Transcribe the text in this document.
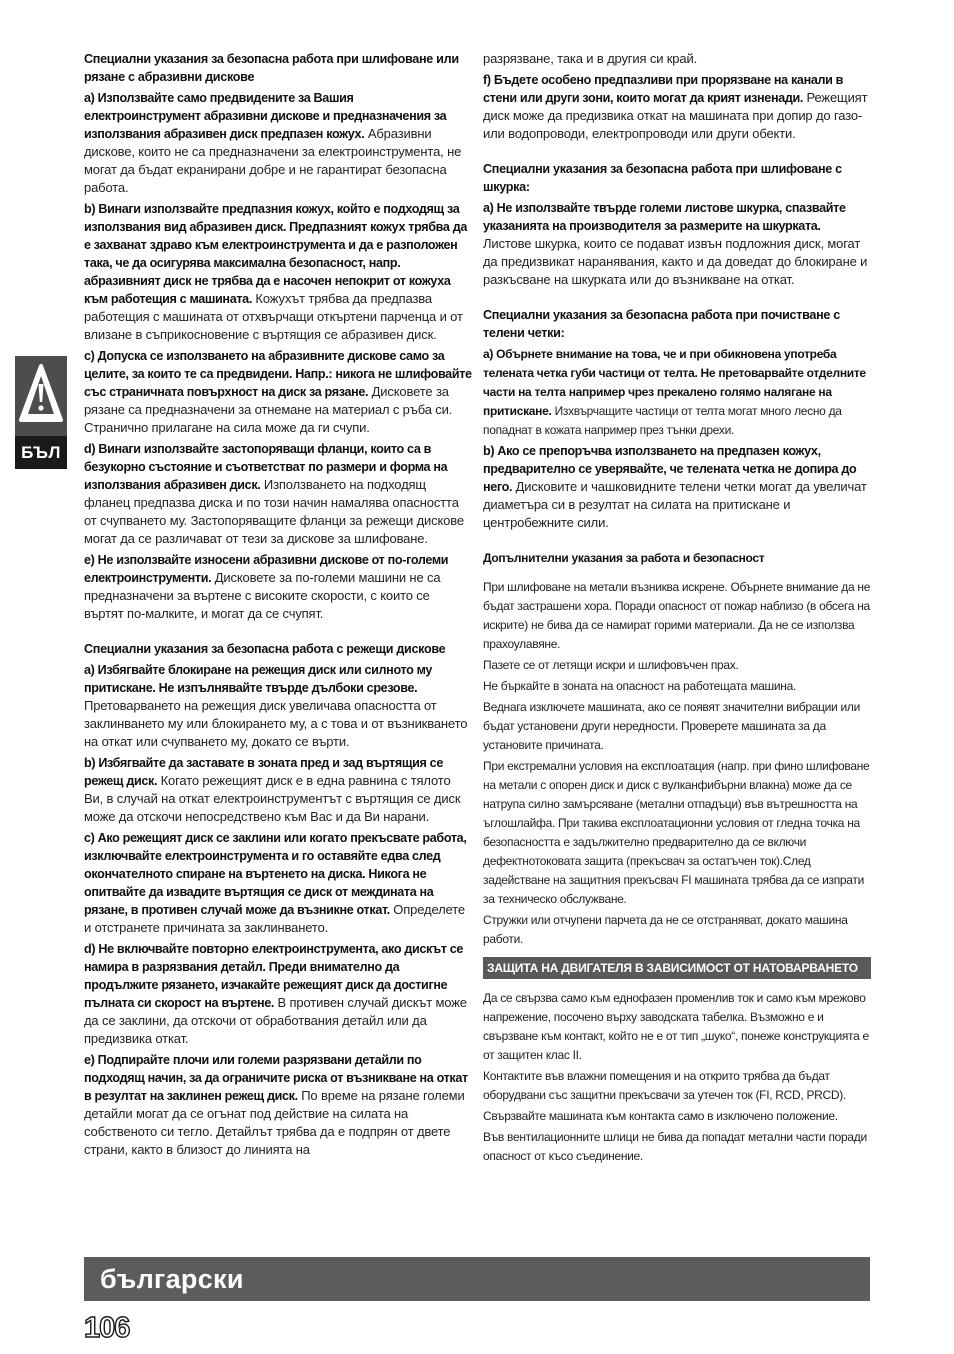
БЪЛ
Специални указания за безопасна работа при шлифоване или рязане с абразивни дискове
a) Използвайте само предвидените за Вашия електроинструмент абразивни дискове и предназначения за използвания абразивен диск предпазен кожух. Абразивни дискове, които не са предназначени за електроинструмента, не могат да бъдат екранирани добре и не гарантират безопасна работа.
b) Винаги използвайте предпазния кожух, който е подходящ за използвания вид абразивен диск. Предпазният кожух трябва да е захванат здраво към електроинструмента и да е разположен така, че да осигурява максимална безопасност, напр. абразивният диск не трябва да е насочен непокрит от кожуха към работещия с машината. Кожухът трябва да предпазва работещия с машината от отхвърчащи откъртени парченца и от влизане в съприкосновение с въртящия се абразивен диск.
c) Допуска се използването на абразивните дискове само за целите, за които те са предвидени. Напр.: никога не шлифовайте със страничната повърхност на диск за рязане. Дисковете за рязане са предназначени за отнемане на материал с ръба си. Странично прилагане на сила може да ги счупи.
d) Винаги използвайте застопоряващи фланци, които са в безукорно състояние и съответстват по размери и форма на използвания абразивен диск. Използването на подходящ фланец предпазва диска и по този начин намалява опасността от счупването му. Застопоряващите фланци за режещи дискове могат да се различават от тези за дискове за шлифоване.
e) Не използвайте износени абразивни дискове от по-големи електроинструменти. Дисковете за по-големи машини не са предназначени за въртене с високите скорости, с които се въртят по-малките, и могат да се счупят.
Специални указания за безопасна работа с режещи дискове
a) Избягвайте блокиране на режещия диск или силното му притискане. Не изпълнявайте твърде дълбоки срезове. Претоварването на режещия диск увеличава опасността от заклинването му или блокирането му, а с това и от възникването на откат или счупването му, докато се върти.
b) Избягвайте да заставате в зоната пред и зад въртящия се режещ диск. Когато режещият диск е в една равнина с тялото Ви, в случай на откат електроинструментът с въртящия се диск може да отскочи непосредствено към Вас и да Ви нарани.
c) Ако режещият диск се заклини или когато прекъсвате работа, изключвайте електроинструмента и го оставяйте едва след окончателното спиране на въртенето на диска. Никога не опитвайте да извадите въртящия се диск от междината на рязане, в противен случай може да възникне откат. Определете и отстранете причината за заклинването.
d) Не включвайте повторно електроинструмента, ако дискът се намира в разрязвания детайл. Преди внимателно да продължите рязането, изчакайте режещият диск да достигне пълната си скорост на въртене. В противен случай дискът може да се заклини, да отскочи от обработвания детайл или да предизвика откат.
e) Подпирайте плочи или големи разрязвани детайли по подходящ начин, за да ограничите риска от възникване на откат в резултат на заклинен режещ диск. По време на рязане големи детайли могат да се огънат под действие на силата на собственото си тегло. Детайлът трябва да е подпрян от двете страни, както в близост до линията на
разрязване, така и в другия си край.
f) Бъдете особено предпазливи при прорязване на канали в стени или други зони, които могат да крият изненади. Режещият диск може да предизвика откат на машината при допир до газо- или водопроводи, електропроводи или други обекти.
Специални указания за безопасна работа при шлифоване с шкурка:
a) Не използвайте твърде големи листове шкурка, спазвайте указанията на производителя за размерите на шкурката. Листове шкурка, които се подават извън подложния диск, могат да предизвикат наранявания, както и да доведат до блокиране и разкъсване на шкурката или до възникване на откат.
Специални указания за безопасна работа при почистване с телени четки:
a) Обърнете внимание на това, че и при обикновена употреба телената четка губи частици от телта. Не претоварвайте отделните части на телта например чрез прекалено голямо налягане на притискане. Изхвърчащите частици от телта могат много лесно да попаднат в кожата например през тънки дрехи.
b) Ако се препоръчва използването на предпазен кожух, предварително се уверявайте, че телената четка не допира до него. Дисковите и чашковидните телени четки могат да увеличат диаметъра си в резултат на силата на притискане и центробежните сили.
Допълнителни указания за работа и безопасност
При шлифоване на метали възниква искрене. Обърнете внимание да не бъдат застрашени хора. Поради опасност от пожар наблизо (в обсега на искрите) не бива да се намират горими материали. Да не се използва прахоулавяне.
Пазете се от летящи искри и шлифовъчен прах.
Не бъркайте в зоната на опасност на работещата машина.
Веднага изключете машината, ако се появят значителни вибрации или бъдат установени други нередности. Проверете машината за да установите причината.
При екстремални условия на експлоатация (напр. при фино шлифоване на метали с опорен диск и диск с вулканфибърни влакна) може да се натрупа силно замърсяване (метални отпадъци) във вътрешността на ъглошлайфа. При такива експлоатационни условия от гледна точка на безопасността е задължително предварително да се включи дефектнотоковата защита (прекъсвач за остатъчен ток).След задействане на защитния прекъсвач FI машината трябва да се изпрати за техническо обслужване.
Стружки или отчупени парчета да не се отстраняват, докато машина работи.
ЗАЩИТА НА ДВИГАТЕЛЯ В ЗАВИСИМОСТ ОТ НАТОВАРВАНЕТО
Да се свързва само към еднофазен променлив ток и само към мрежово напрежение, посочено върху заводската табелка. Възможно е и свързване към контакт, който не е от тип „шуко“, понеже конструкцията е от защитен клас II.
Контактите във влажни помещения и на открито трябва да бъдат оборудвани със защитни прекъсвачи за утечен ток (FI, RCD, PRCD).
Свързвайте машината към контакта само в изключено положение.
Във вентилационните шлици не бива да попадат метални части поради опасност от късо съединение.
български
106
